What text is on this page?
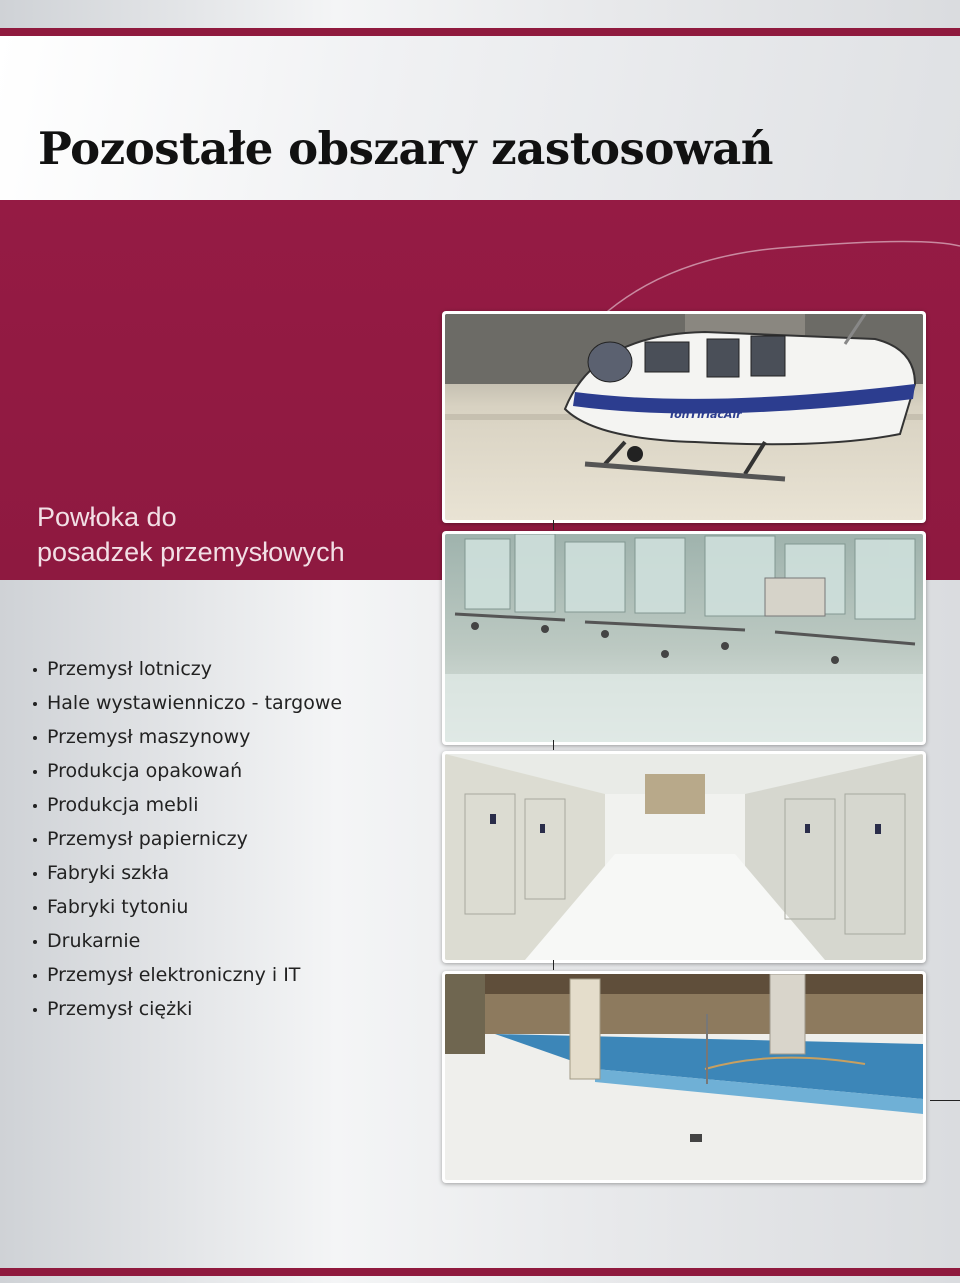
Pozostałe obszary zastosowań
Powłoka do
posadzek przemysłowych
Przemysł lotniczy
Hale wystawienniczo - targowe
Przemysł maszynowy
Produkcja opakowań
Produkcja mebli
Przemysł papierniczy
Fabryki szkła
Fabryki tytoniu
Drukarnie
Przemysł elektroniczny i IT
Przemysł ciężki
IonTiriacAir
